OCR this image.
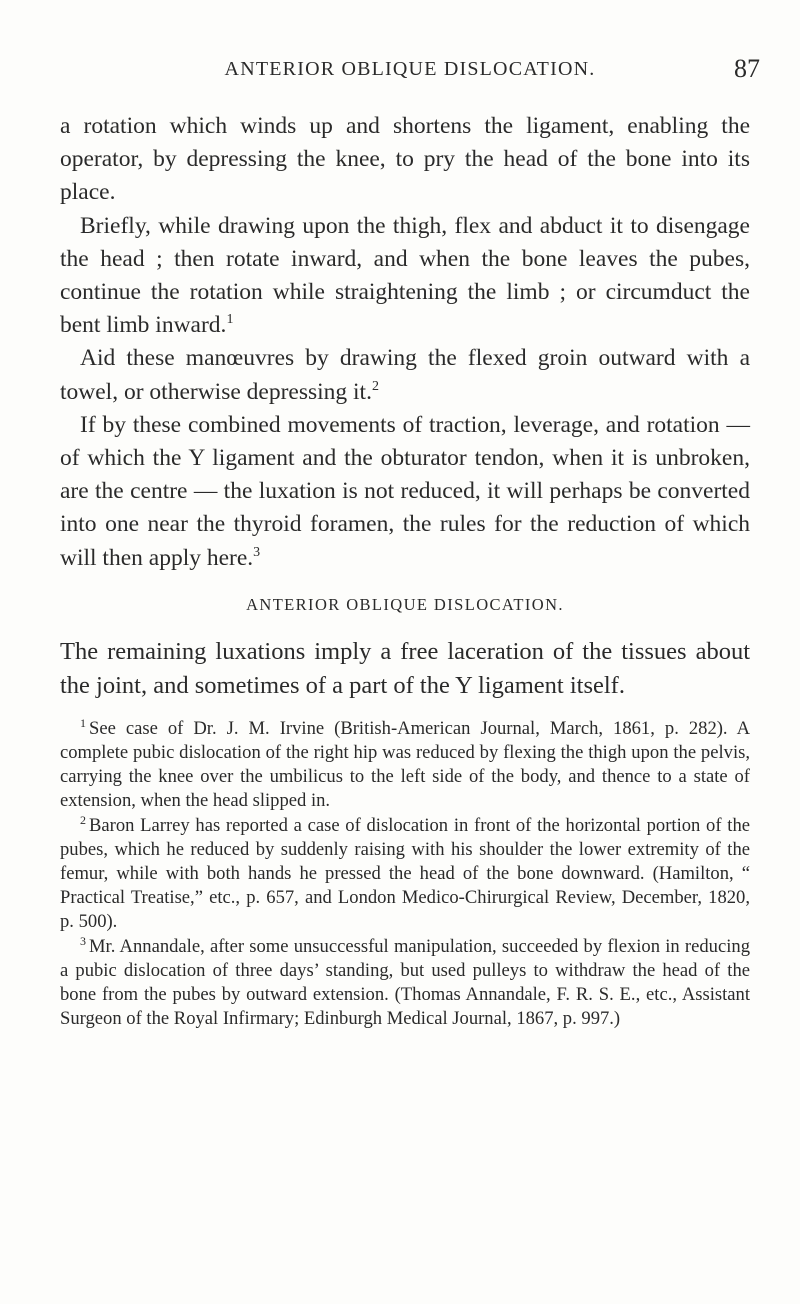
ANTERIOR OBLIQUE DISLOCATION.	87

a rotation which winds up and shortens the ligament, enabling the operator, by depressing the knee, to pry the head of the bone into its place.

Briefly, while drawing upon the thigh, flex and abduct it to disengage the head ; then rotate inward, and when the bone leaves the pubes, continue the rotation while straightening the limb ; or circumduct the bent limb inward.$^1$

Aid these manœuvres by drawing the flexed groin outward with a towel, or otherwise depressing it.$^2$

If by these combined movements of traction, leverage, and rotation — of which the Y ligament and the obturator tendon, when it is unbroken, are the centre — the luxation is not reduced, it will perhaps be converted into one near the thyroid foramen, the rules for the reduction of which will then apply here.$^3$

ANTERIOR OBLIQUE DISLOCATION.

The remaining luxations imply a free laceration of the tissues about the joint, and sometimes of a part of the Y ligament itself.

$^1$ See case of Dr. J. M. Irvine (British-American Journal, March, 1861, p. 282). A complete pubic dislocation of the right hip was reduced by flexing the thigh upon the pelvis, carrying the knee over the umbilicus to the left side of the body, and thence to a state of extension, when the head slipped in.

$^2$ Baron Larrey has reported a case of dislocation in front of the horizontal portion of the pubes, which he reduced by suddenly raising with his shoulder the lower extremity of the femur, while with both hands he pressed the head of the bone downward. (Hamilton, “ Practical Treatise,” etc., p. 657, and London Medico-Chirurgical Review, December, 1820, p. 500).

$^3$ Mr. Annandale, after some unsuccessful manipulation, succeeded by flexion in reducing a pubic dislocation of three days’ standing, but used pulleys to withdraw the head of the bone from the pubes by outward extension. (Thomas Annandale, F. R. S. E., etc., Assistant Surgeon of the Royal Infirmary; Edinburgh Medical Journal, 1867, p. 997.)
